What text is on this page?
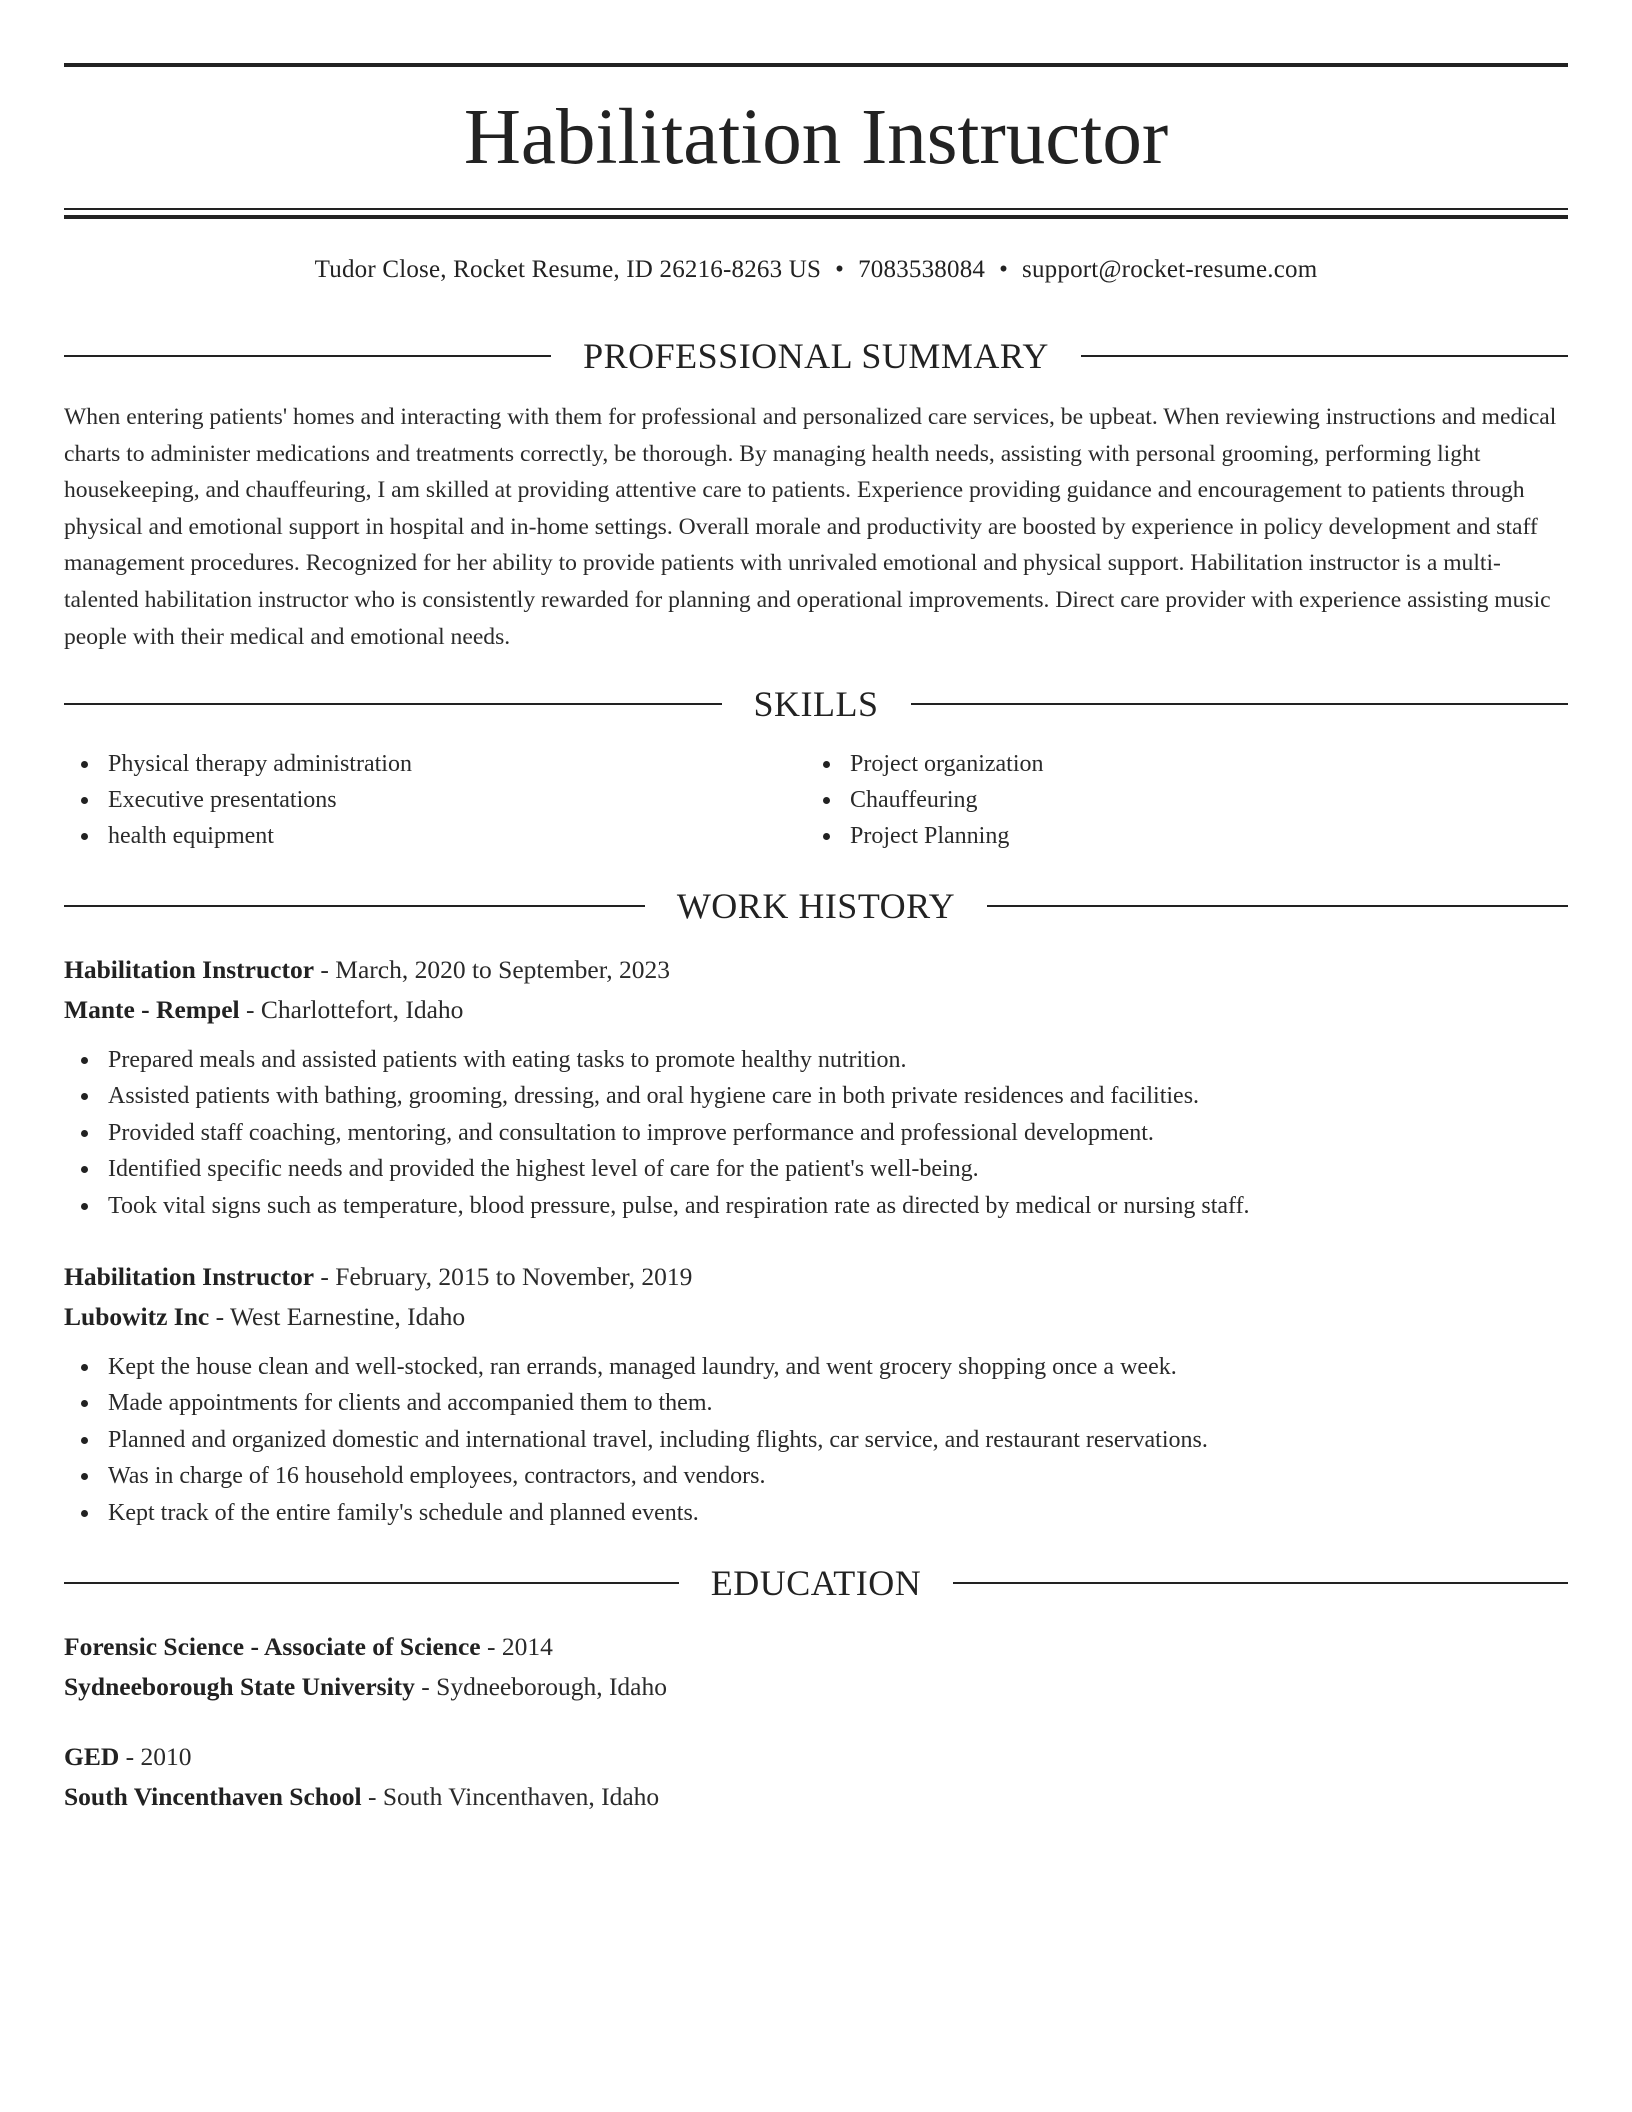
Habilitation Instructor
Tudor Close, Rocket Resume, ID 26216-8263 US • 7083538084 • support@rocket-resume.com
PROFESSIONAL SUMMARY

When entering patients' homes and interacting with them for professional and personalized care services, be upbeat. When reviewing instructions and medical charts to administer medications and treatments correctly, be thorough. By managing health needs, assisting with personal grooming, performing light housekeeping, and chauffeuring, I am skilled at providing attentive care to patients. Experience providing guidance and encouragement to patients through physical and emotional support in hospital and in-home settings. Overall morale and productivity are boosted by experience in policy development and staff management procedures. Recognized for her ability to provide patients with unrivaled emotional and physical support. Habilitation instructor is a multi-talented habilitation instructor who is consistently rewarded for planning and operational improvements. Direct care provider with experience assisting music people with their medical and emotional needs.

SKILLS
Physical therapy administration
Executive presentations
health equipment
Project organization
Chauffeuring
Project Planning
WORK HISTORY
Habilitation Instructor - March, 2020 to September, 2023
Mante - Rempel - Charlottefort, Idaho
Prepared meals and assisted patients with eating tasks to promote healthy nutrition.
Assisted patients with bathing, grooming, dressing, and oral hygiene care in both private residences and facilities.
Provided staff coaching, mentoring, and consultation to improve performance and professional development.
Identified specific needs and provided the highest level of care for the patient's well-being.
Took vital signs such as temperature, blood pressure, pulse, and respiration rate as directed by medical or nursing staff.
Habilitation Instructor - February, 2015 to November, 2019
Lubowitz Inc - West Earnestine, Idaho
Kept the house clean and well-stocked, ran errands, managed laundry, and went grocery shopping once a week.
Made appointments for clients and accompanied them to them.
Planned and organized domestic and international travel, including flights, car service, and restaurant reservations.
Was in charge of 16 household employees, contractors, and vendors.
Kept track of the entire family's schedule and planned events.
EDUCATION
Forensic Science - Associate of Science - 2014
Sydneeborough State University - Sydneeborough, Idaho
GED - 2010
South Vincenthaven School - South Vincenthaven, Idaho
